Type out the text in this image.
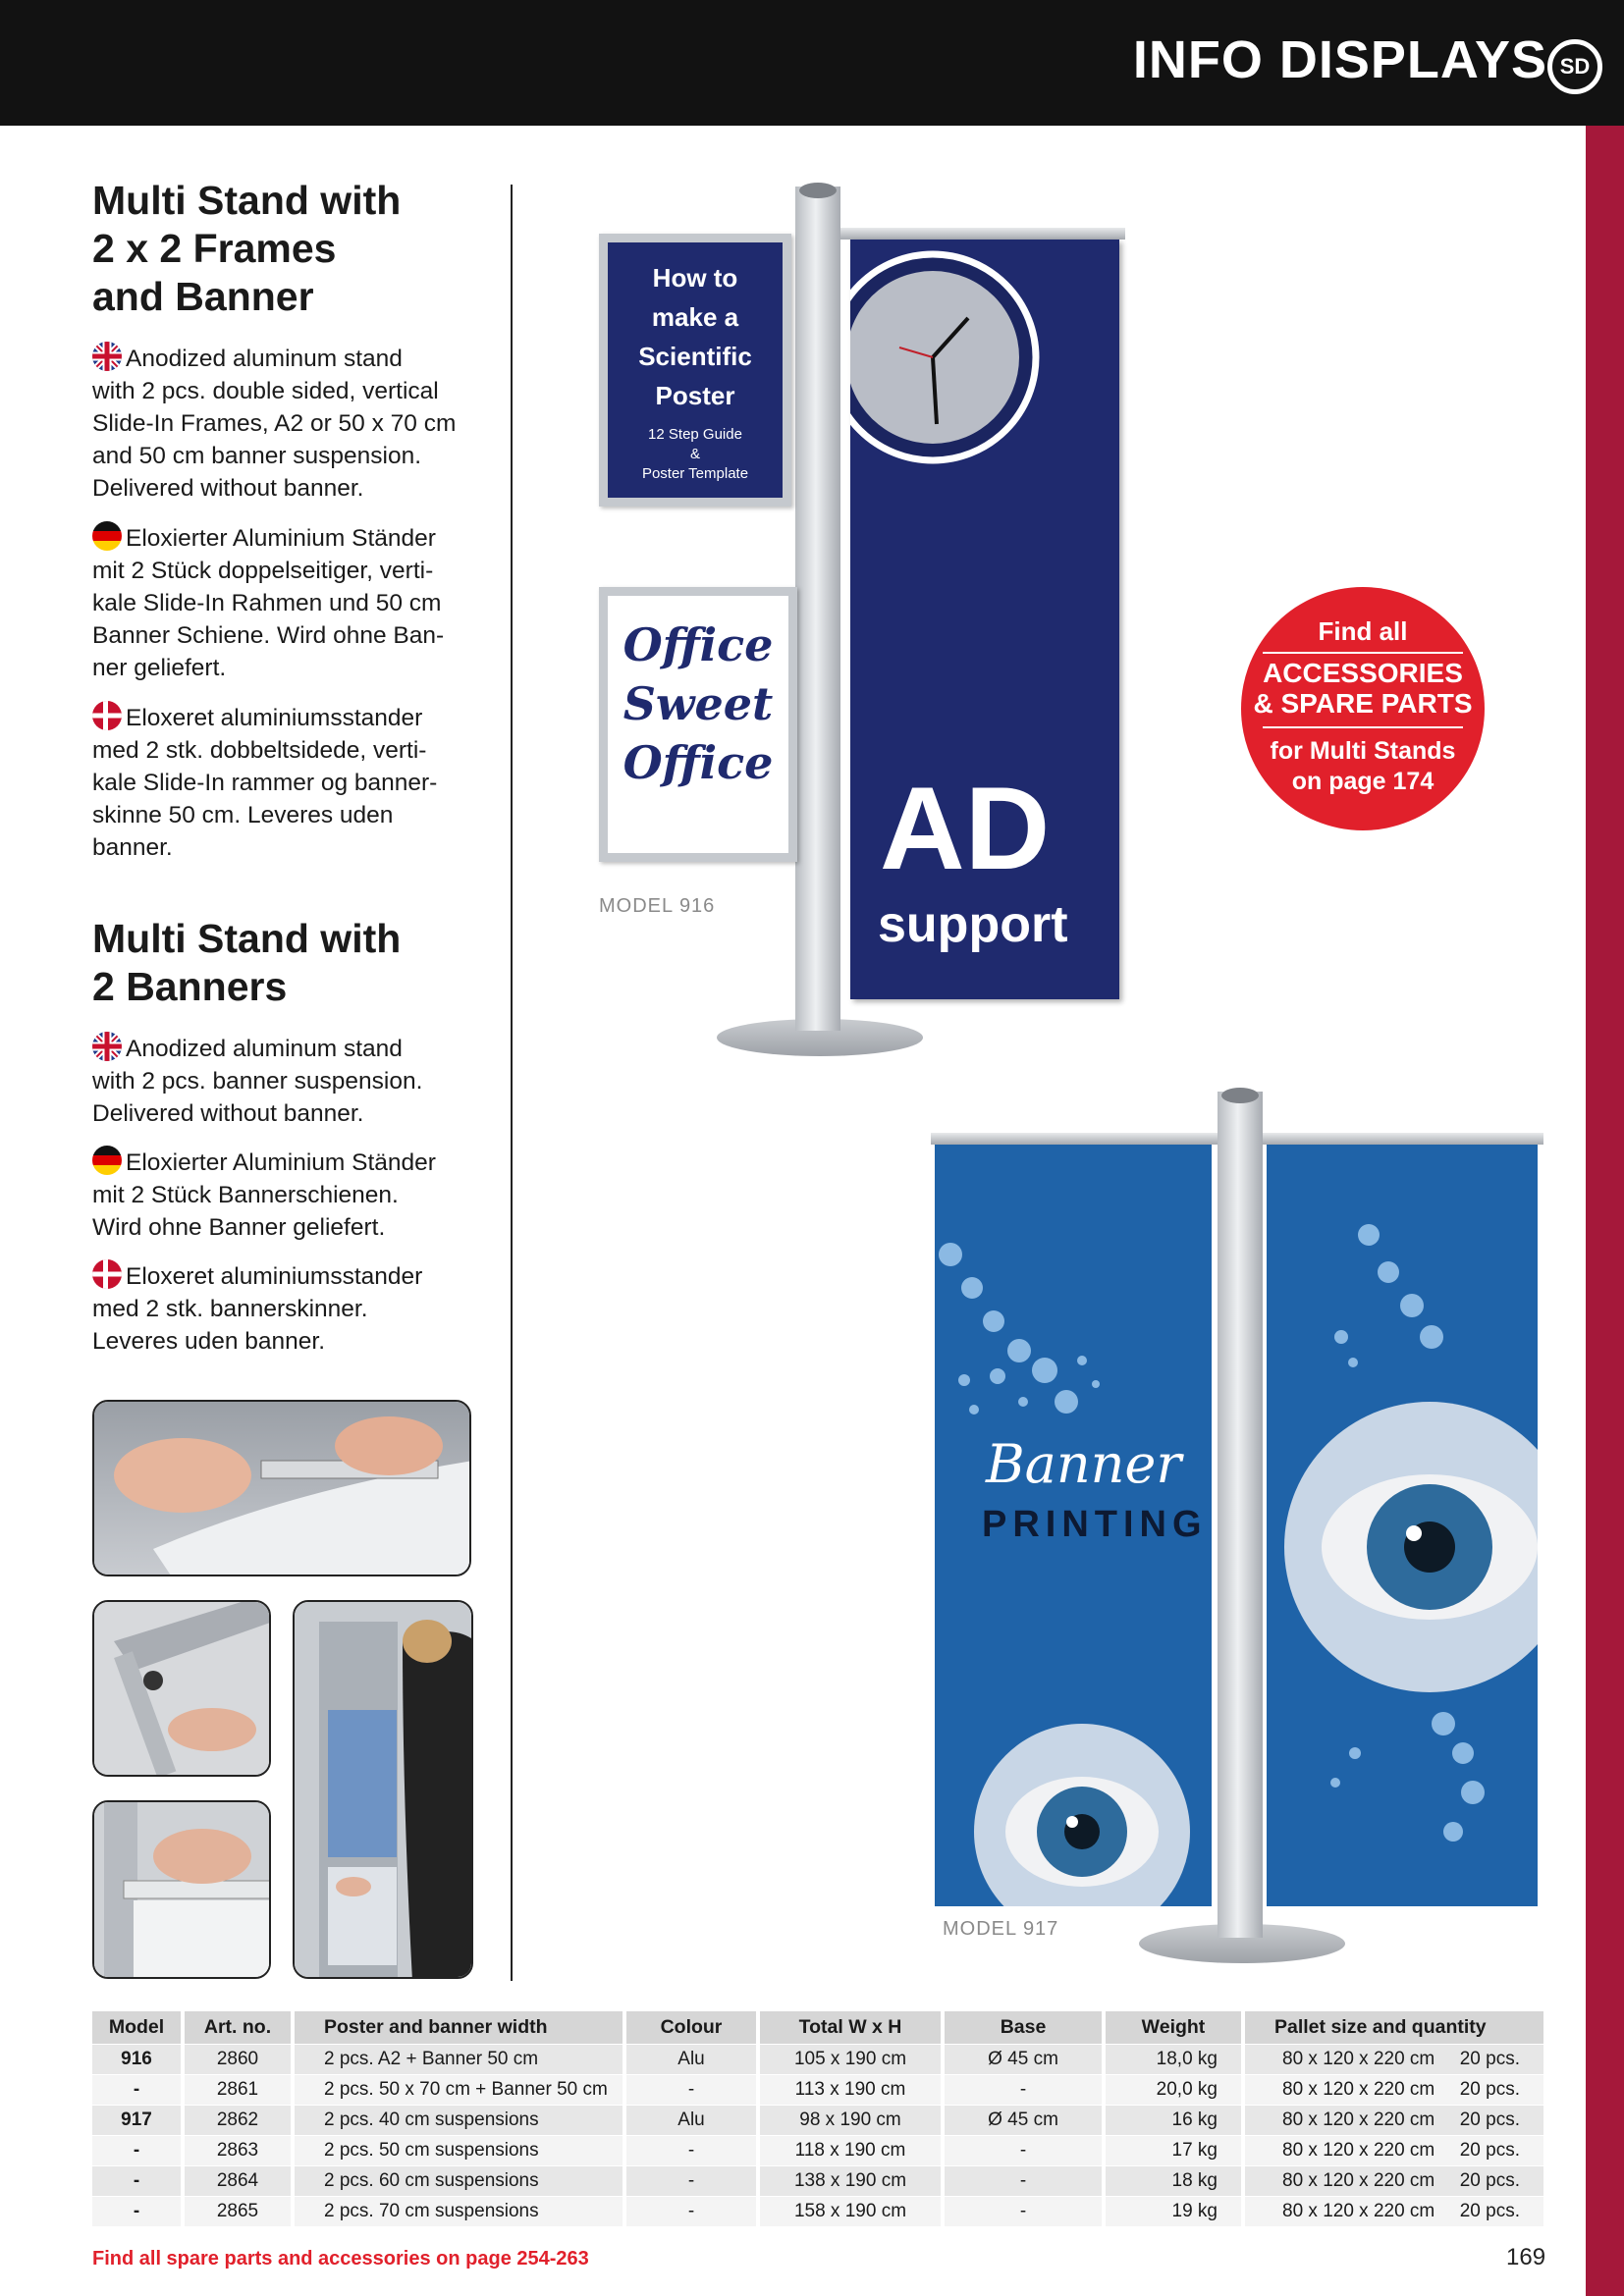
INFO DISPLAYS SD
Multi Stand with
2 x 2 Frames
and Banner
Anodized aluminum stand
with 2 pcs. double sided, vertical
Slide-In Frames, A2 or 50 x 70 cm
and 50 cm banner suspension.
Delivered without banner.
Eloxierter Aluminium Ständer
mit 2 Stück doppelseitiger, verti-
kale Slide-In Rahmen und 50 cm
Banner Schiene. Wird ohne Ban-
ner geliefert.
Eloxeret aluminiumsstander
med 2 stk. dobbeltsidede, verti-
kale Slide-In rammer og banner-
skinne 50 cm. Leveres uden
banner.
Multi Stand with
2 Banners
Anodized aluminum stand
with 2 pcs. banner suspension.
Delivered without banner.
Eloxierter Aluminium Ständer
mit 2 Stück Bannerschienen.
Wird ohne Banner geliefert.
Eloxeret aluminiumsstander
med 2 stk. bannerskinner.
Leveres uden banner.
How to
make a
Scientific
Poster
12 Step Guide
&
Poster Template
Office
Sweet
Office AD
support
MODEL 916
Find all
ACCESSORIES
& SPARE PARTS
for Multi Stands
on page 174
Banner
PRINTING
MODEL 917
Model	Art. no.	Poster and banner width	Colour	Total W x H	Base	Weight	Pallet size and quantity
916	2860	2 pcs. A2 + Banner 50 cm	Alu	105 x 190 cm	Ø 45 cm	18,0 kg	80 x 120 x 220 cm 20 pcs.

-	2861	2 pcs. 50 x 70 cm + Banner 50 cm	-	113 x 190 cm	-	20,0 kg	80 x 120 x 220 cm 20 pcs.

917	2862	2 pcs. 40 cm suspensions	Alu	98 x 190 cm	Ø 45 cm	16 kg	80 x 120 x 220 cm 20 pcs.

-	2863	2 pcs. 50 cm suspensions	-	118 x 190 cm	-	17 kg	80 x 120 x 220 cm 20 pcs.

-	2864	2 pcs. 60 cm suspensions	-	138 x 190 cm	-	18 kg	80 x 120 x 220 cm 20 pcs.

-	2865	2 pcs. 70 cm suspensions	-	158 x 190 cm	-	19 kg	80 x 120 x 220 cm 20 pcs.
Find all spare parts and accessories on page 254-263	169
